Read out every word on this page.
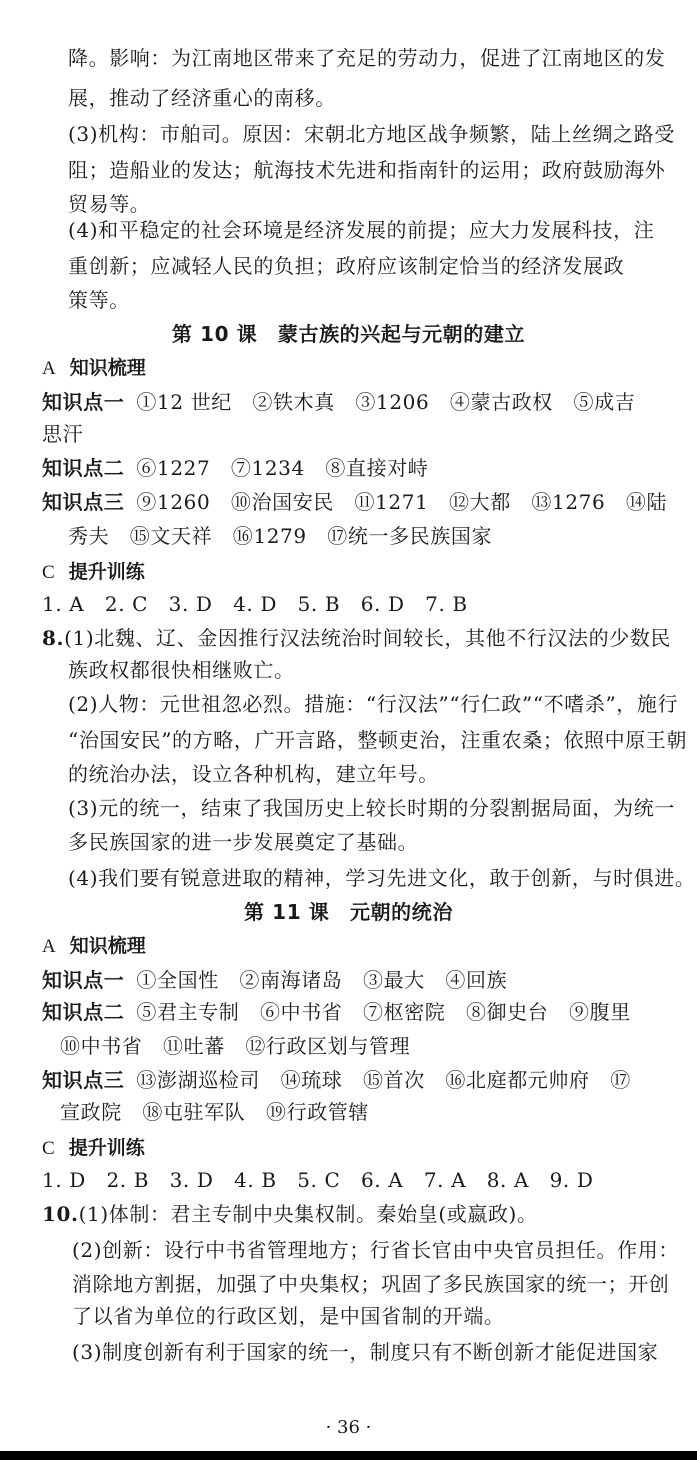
降。影响：为江南地区带来了充足的劳动力，促进了江南地区的发
展，推动了经济重心的南移。
(3)机构：市舶司。原因：宋朝北方地区战争频繁，陆上丝绸之路受
阻；造船业的发达；航海技术先进和指南针的运用；政府鼓励海外
贸易等。
(4)和平稳定的社会环境是经济发展的前提；应大力发展科技，注
重创新；应减轻人民的负担；政府应该制定恰当的经济发展政
策等。
第 10 课　蒙古族的兴起与元朝的建立
A 知识梳理
知识点一 ①12 世纪　②铁木真　③1206　④蒙古政权　⑤成吉
思汗
知识点二 ⑥1227　⑦1234　⑧直接对峙
知识点三 ⑨1260　⑩治国安民　⑪1271　⑫大都　⑬1276　⑭陆
秀夫　⑮文天祥　⑯1279　⑰统一多民族国家
C 提升训练
1. A　2. C　3. D　4. D　5. B　6. D　7. B
8.(1)北魏、辽、金因推行汉法统治时间较长，其他不行汉法的少数民
族政权都很快相继败亡。
(2)人物：元世祖忽必烈。措施：“行汉法”“行仁政”“不嗜杀”，施行
“治国安民”的方略，广开言路，整顿吏治，注重农桑；依照中原王朝
的统治办法，设立各种机构，建立年号。
(3)元的统一，结束了我国历史上较长时期的分裂割据局面，为统一
多民族国家的进一步发展奠定了基础。
(4)我们要有锐意进取的精神，学习先进文化，敢于创新，与时俱进。
第 11 课　元朝的统治
A 知识梳理
知识点一 ①全国性　②南海诸岛　③最大　④回族
知识点二 ⑤君主专制　⑥中书省　⑦枢密院　⑧御史台　⑨腹里
⑩中书省　⑪吐蕃　⑫行政区划与管理
知识点三 ⑬澎湖巡检司　⑭琉球　⑮首次　⑯北庭都元帅府　⑰
宣政院　⑱屯驻军队　⑲行政管辖
C 提升训练
1. D　2. B　3. D　4. B　5. C　6. A　7. A　8. A　9. D
10.(1)体制：君主专制中央集权制。秦始皇(或嬴政)。
(2)创新：设行中书省管理地方；行省长官由中央官员担任。作用：
消除地方割据，加强了中央集权；巩固了多民族国家的统一；开创
了以省为单位的行政区划，是中国省制的开端。
(3)制度创新有利于国家的统一，制度只有不断创新才能促进国家
· 36 ·
